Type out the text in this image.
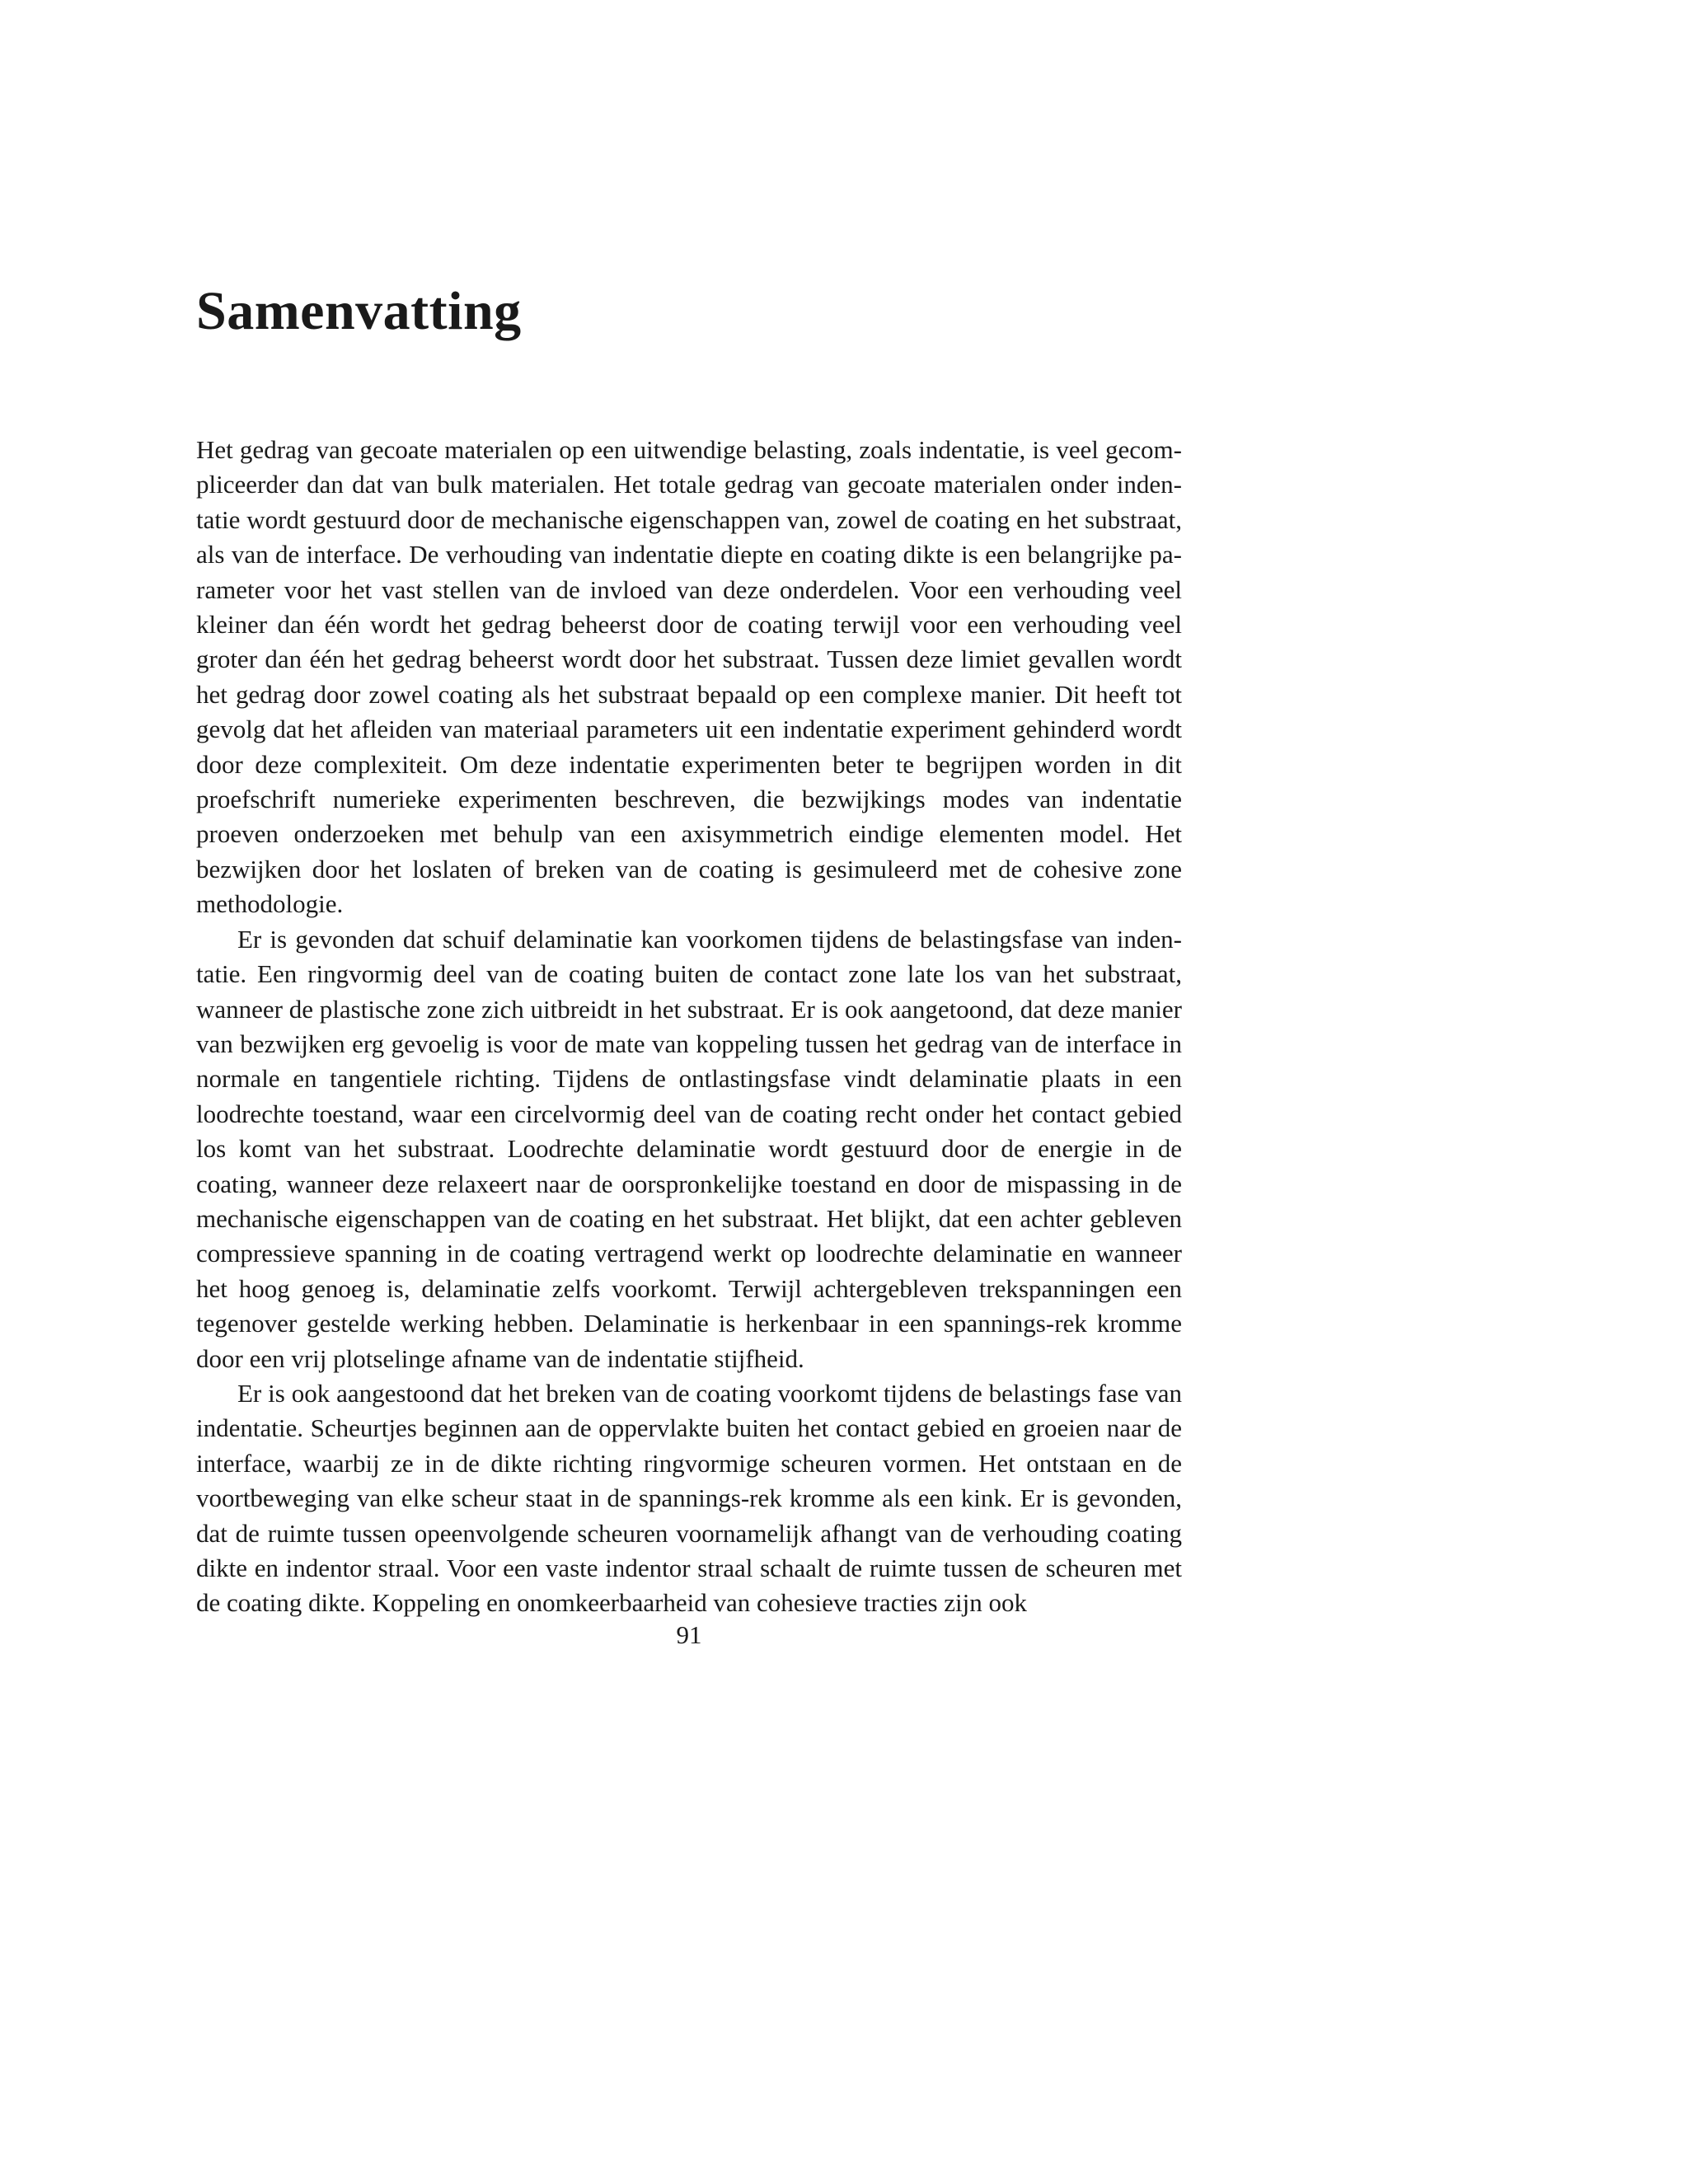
Samenvatting

Het gedrag van gecoate materialen op een uitwendige belasting, zoals indentatie, is veel gecompliceerder dan dat van bulk materialen. Het totale gedrag van gecoate materialen onder indentatie wordt gestuurd door de mechanische eigenschappen van, zowel de coating en het substraat, als van de interface. De verhouding van indentatie diepte en coating dikte is een belangrijke parameter voor het vast stellen van de invloed van deze onderdelen. Voor een verhouding veel kleiner dan één wordt het gedrag beheerst door de coating terwijl voor een verhouding veel groter dan één het gedrag beheerst wordt door het substraat. Tussen deze limiet gevallen wordt het gedrag door zowel coating als het substraat bepaald op een complexe manier. Dit heeft tot gevolg dat het afleiden van materiaal parameters uit een indentatie experiment gehinderd wordt door deze complexiteit. Om deze indentatie experimenten beter te begrijpen worden in dit proefschrift numerieke experimenten beschreven, die bezwijkings modes van indentatie proeven onderzoeken met behulp van een axisymmetrich eindige elementen model. Het bezwijken door het loslaten of breken van de coating is gesimuleerd met de cohesive zone methodologie.

Er is gevonden dat schuif delaminatie kan voorkomen tijdens de belastingsfase van indentatie. Een ringvormig deel van de coating buiten de contact zone late los van het substraat, wanneer de plastische zone zich uitbreidt in het substraat. Er is ook aangetoond, dat deze manier van bezwijken erg gevoelig is voor de mate van koppeling tussen het gedrag van de interface in normale en tangentiele richting. Tijdens de ontlastingsfase vindt delaminatie plaats in een loodrechte toestand, waar een circelvormig deel van de coating recht onder het contact gebied los komt van het substraat. Loodrechte delaminatie wordt gestuurd door de energie in de coating, wanneer deze relaxeert naar de oorspronkelijke toestand en door de mispassing in de mechanische eigenschappen van de coating en het substraat. Het blijkt, dat een achter gebleven compressieve spanning in de coating vertragend werkt op loodrechte delaminatie en wanneer het hoog genoeg is, delaminatie zelfs voorkomt. Terwijl achtergebleven trekspanningen een tegenover gestelde werking hebben. Delaminatie is herkenbaar in een spannings-rek kromme door een vrij plotselinge afname van de indentatie stijfheid.

Er is ook aangestoond dat het breken van de coating voorkomt tijdens de belastings fase van indentatie. Scheurtjes beginnen aan de oppervlakte buiten het contact gebied en groeien naar de interface, waarbij ze in de dikte richting ringvormige scheuren vormen. Het ontstaan en de voortbeweging van elke scheur staat in de spannings-rek kromme als een kink. Er is gevonden, dat de ruimte tussen opeenvolgende scheuren voornamelijk afhangt van de verhouding coating dikte en indentor straal. Voor een vaste indentor straal schaalt de ruimte tussen de scheuren met de coating dikte. Koppeling en onomkeerbaarheid van cohesieve tracties zijn ook

91
